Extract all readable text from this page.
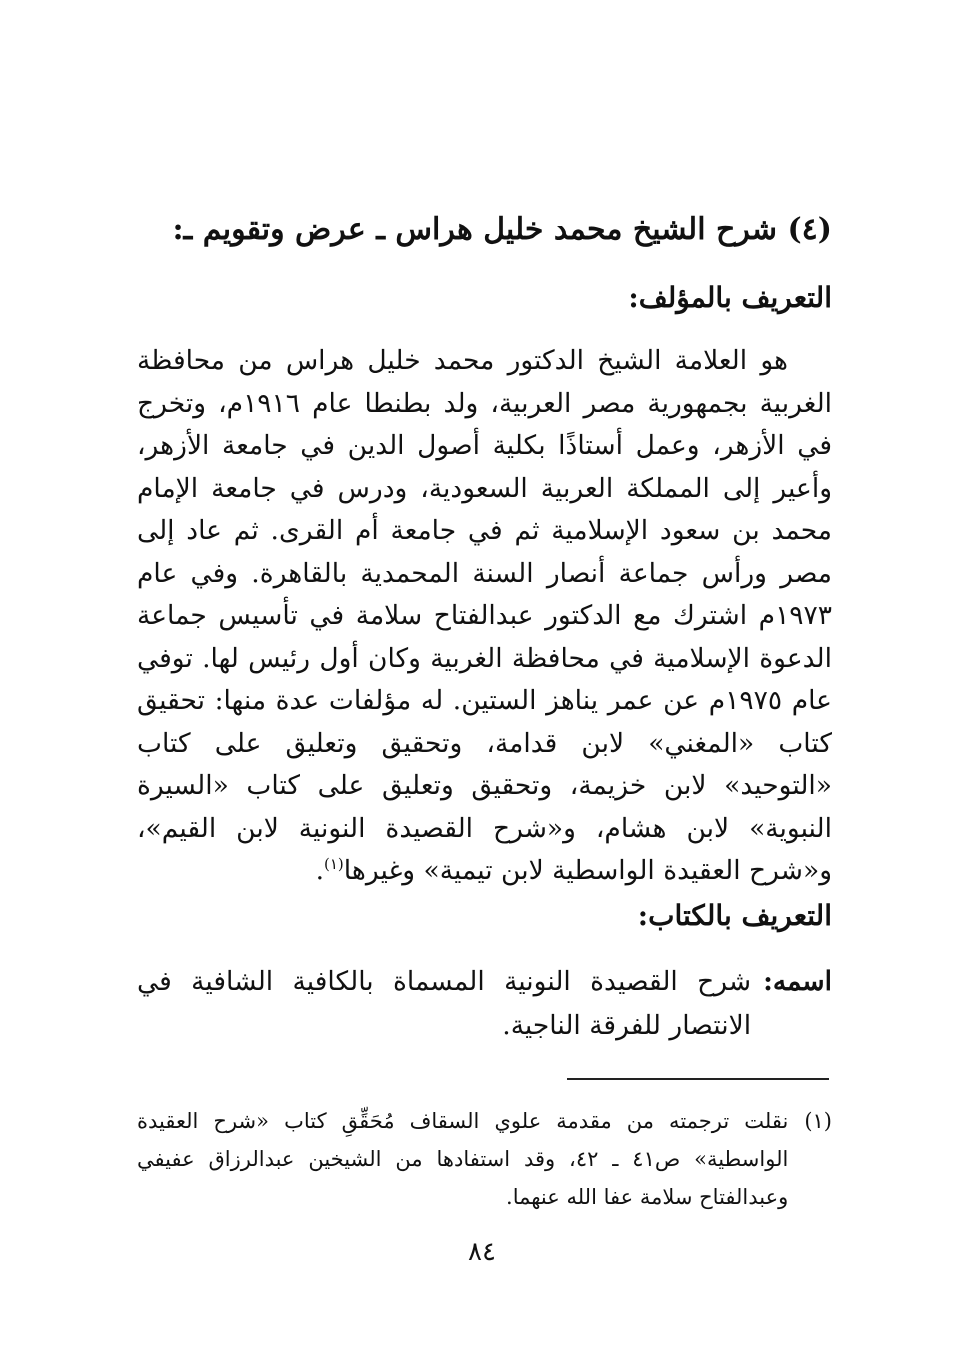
(٤) شرح الشيخ محمد خليل هراس ـ عرض وتقويم ـ:
التعريف بالمؤلف:

هو العلامة الشيخ الدكتور محمد خليل هراس من محافظة الغربية بجمهورية مصر العربية، ولد بطنطا عام ١٩١٦م، وتخرج في الأزهر، وعمل أستاذًا بكلية أصول الدين في جامعة الأزهر، وأعير إلى المملكة العربية السعودية، ودرس في جامعة الإمام محمد بن سعود الإسلامية ثم في جامعة أم القرى. ثم عاد إلى مصر ورأس جماعة أنصار السنة المحمدية بالقاهرة. وفي عام ١٩٧٣م اشترك مع الدكتور عبدالفتاح سلامة في تأسيس جماعة الدعوة الإسلامية في محافظة الغربية وكان أول رئيس لها. توفي عام ١٩٧٥م عن عمر يناهز الستين. له مؤلفات عدة منها: تحقيق كتاب «المغني» لابن قدامة، وتحقيق وتعليق على كتاب «التوحيد» لابن خزيمة، وتحقيق وتعليق على كتاب «السيرة النبوية» لابن هشام، و«شرح القصيدة النونية لابن القيم»، و«شرح العقيدة الواسطية لابن تيمية» وغيرها$^{(١)}$.

التعريف بالكتاب:
اسمه:
شرح القصيدة النونية المسماة بالكافية الشافية في الانتصار للفرقة الناجية.
(١)
نقلت ترجمته من مقدمة علوي السقاف مُحَقِّقِ كتاب «شرح العقيدة الواسطية» ص٤١ ـ ٤٢، وقد استفادها من الشيخين عبدالرزاق عفيفي وعبدالفتاح سلامة عفا الله عنهما.
٨٤
